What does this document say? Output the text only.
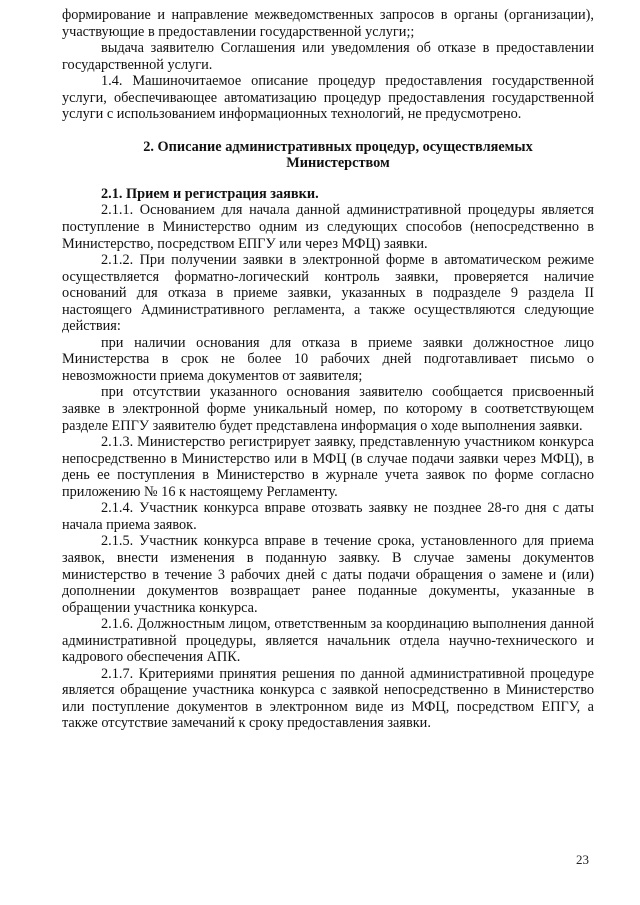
формирование и направление межведомственных запросов в органы (организации), участвующие в предоставлении государственной услуги;;

выдача заявителю Соглашения или уведомления об отказе в предоставлении государственной услуги.

1.4. Машиночитаемое описание процедур предоставления государственной услуги, обеспечивающее автоматизацию процедур предоставления государственной услуги с использованием информационных технологий, не предусмотрено.

2. Описание административных процедур, осуществляемых Министерством
2.1. Прием и регистрация заявки.

2.1.1. Основанием для начала данной административной процедуры является поступление в Министерство одним из следующих способов (непосредственно в Министерство, посредством ЕПГУ или через МФЦ) заявки.

2.1.2. При получении заявки в электронной форме в автоматическом режиме осуществляется форматно-логический контроль заявки, проверяется наличие оснований для отказа в приеме заявки, указанных в подразделе 9 раздела II настоящего Административного регламента, а также осуществляются следующие действия:

при наличии основания для отказа в приеме заявки должностное лицо Министерства в срок не более 10 рабочих дней подготавливает письмо о невозможности приема документов от заявителя;

при отсутствии указанного основания заявителю сообщается присвоенный заявке в электронной форме уникальный номер, по которому в соответствующем разделе ЕПГУ заявителю будет представлена информация о ходе выполнения заявки.

2.1.3. Министерство регистрирует заявку, представленную участником конкурса непосредственно в Министерство или в МФЦ (в случае подачи заявки через МФЦ), в день ее поступления в Министерство в журнале учета заявок по форме согласно приложению № 16 к настоящему Регламенту.

2.1.4. Участник конкурса вправе отозвать заявку не позднее 28-го дня с даты начала приема заявок.

2.1.5. Участник конкурса вправе в течение срока, установленного для приема заявок, внести изменения в поданную заявку. В случае замены документов министерство в течение 3 рабочих дней с даты подачи обращения о замене и (или) дополнении документов возвращает ранее поданные документы, указанные в обращении участника конкурса.

2.1.6. Должностным лицом, ответственным за координацию выполнения данной административной процедуры, является начальник отдела научно-технического и кадрового обеспечения АПК.

2.1.7. Критериями принятия решения по данной административной процедуре является обращение участника конкурса с заявкой непосредственно в Министерство или поступление документов в электронном виде из МФЦ, посредством ЕПГУ, а также отсутствие замечаний к сроку предоставления заявки.

23
